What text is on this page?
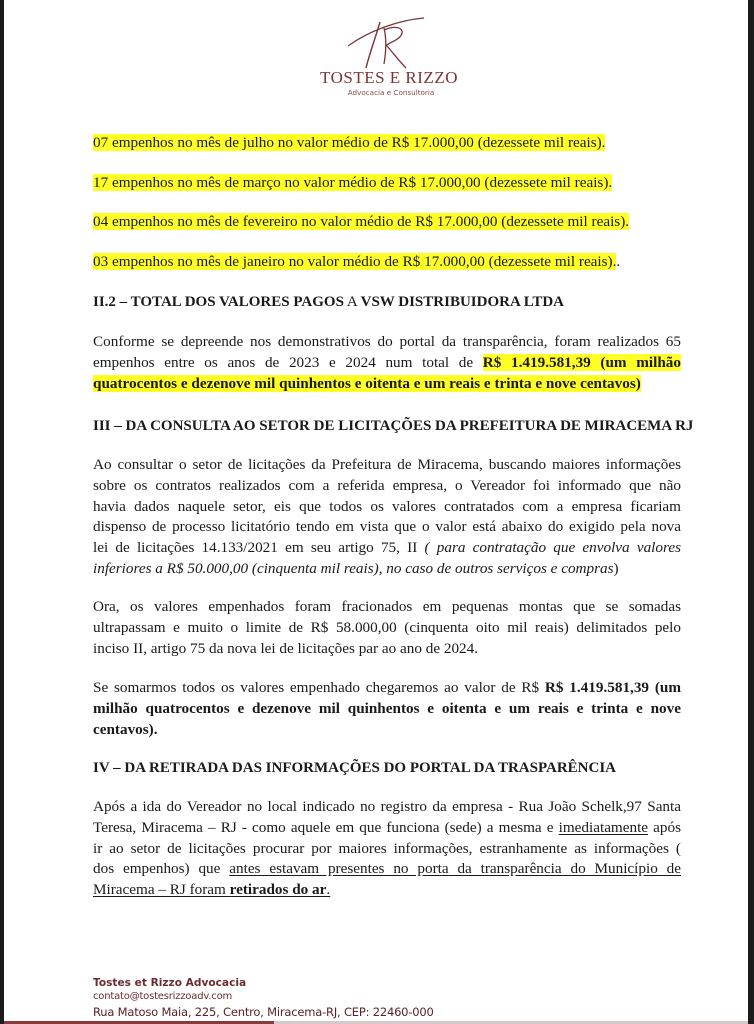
TOSTES E RIZZO
Advocacia e Consultoria
07 empenhos no mês de julho no valor médio de R$ 17.000,00 (dezessete mil reais).
17 empenhos no mês de março no valor médio de R$ 17.000,00 (dezessete mil reais).
04 empenhos no mês de fevereiro no valor médio de R$ 17.000,00 (dezessete mil reais).
03 empenhos no mês de janeiro no valor médio de R$ 17.000,00 (dezessete mil reais)..
II.2 – TOTAL DOS VALORES PAGOS A VSW DISTRIBUIDORA LTDA
Conforme se depreende nos demonstrativos do portal da transparência, foram realizados 65
empenhos entre os anos de 2023 e 2024 num total de R$ 1.419.581,39 (um milhão
quatrocentos e dezenove mil quinhentos e oitenta e um reais e trinta e nove centavos)
III – DA CONSULTA AO SETOR DE LICITAÇÕES DA PREFEITURA DE MIRACEMA RJ
Ao consultar o setor de licitações da Prefeitura de Miracema, buscando maiores informações
sobre os contratos realizados com a referida empresa, o Vereador foi informado que não
havia dados naquele setor, eis que todos os valores contratados com a empresa ficariam
dispenso de processo licitatório tendo em vista que o valor está abaixo do exigido pela nova
lei de licitações 14.133/2021 em seu artigo 75, II ( para contratação que envolva valores
inferiores a R$ 50.000,00 (cinquenta mil reais), no caso de outros serviços e compras)
Ora, os valores empenhados foram fracionados em pequenas montas que se somadas
ultrapassam e muito o limite de R$ 58.000,00 (cinquenta oito mil reais) delimitados pelo
inciso II, artigo 75 da nova lei de licitações par ao ano de 2024.
Se somarmos todos os valores empenhado chegaremos ao valor de R$ R$ 1.419.581,39 (um
milhão quatrocentos e dezenove mil quinhentos e oitenta e um reais e trinta e nove
centavos).
IV – DA RETIRADA DAS INFORMAÇÕES DO PORTAL DA TRASPARÊNCIA
Após a ida do Vereador no local indicado no registro da empresa - Rua João Schelk,97 Santa
Teresa, Miracema – RJ - como aquele em que funciona (sede) a mesma e imediatamente após
ir ao setor de licitações procurar por maiores informações, estranhamente as informações (
dos empenhos) que antes estavam presentes no porta da transparência do Município de
Miracema – RJ foram retirados do ar.
Tostes et Rizzo Advocacia
contato@tostesrizzoadv.com
Rua Matoso Maia, 225, Centro, Miracema-RJ, CEP: 22460-000
